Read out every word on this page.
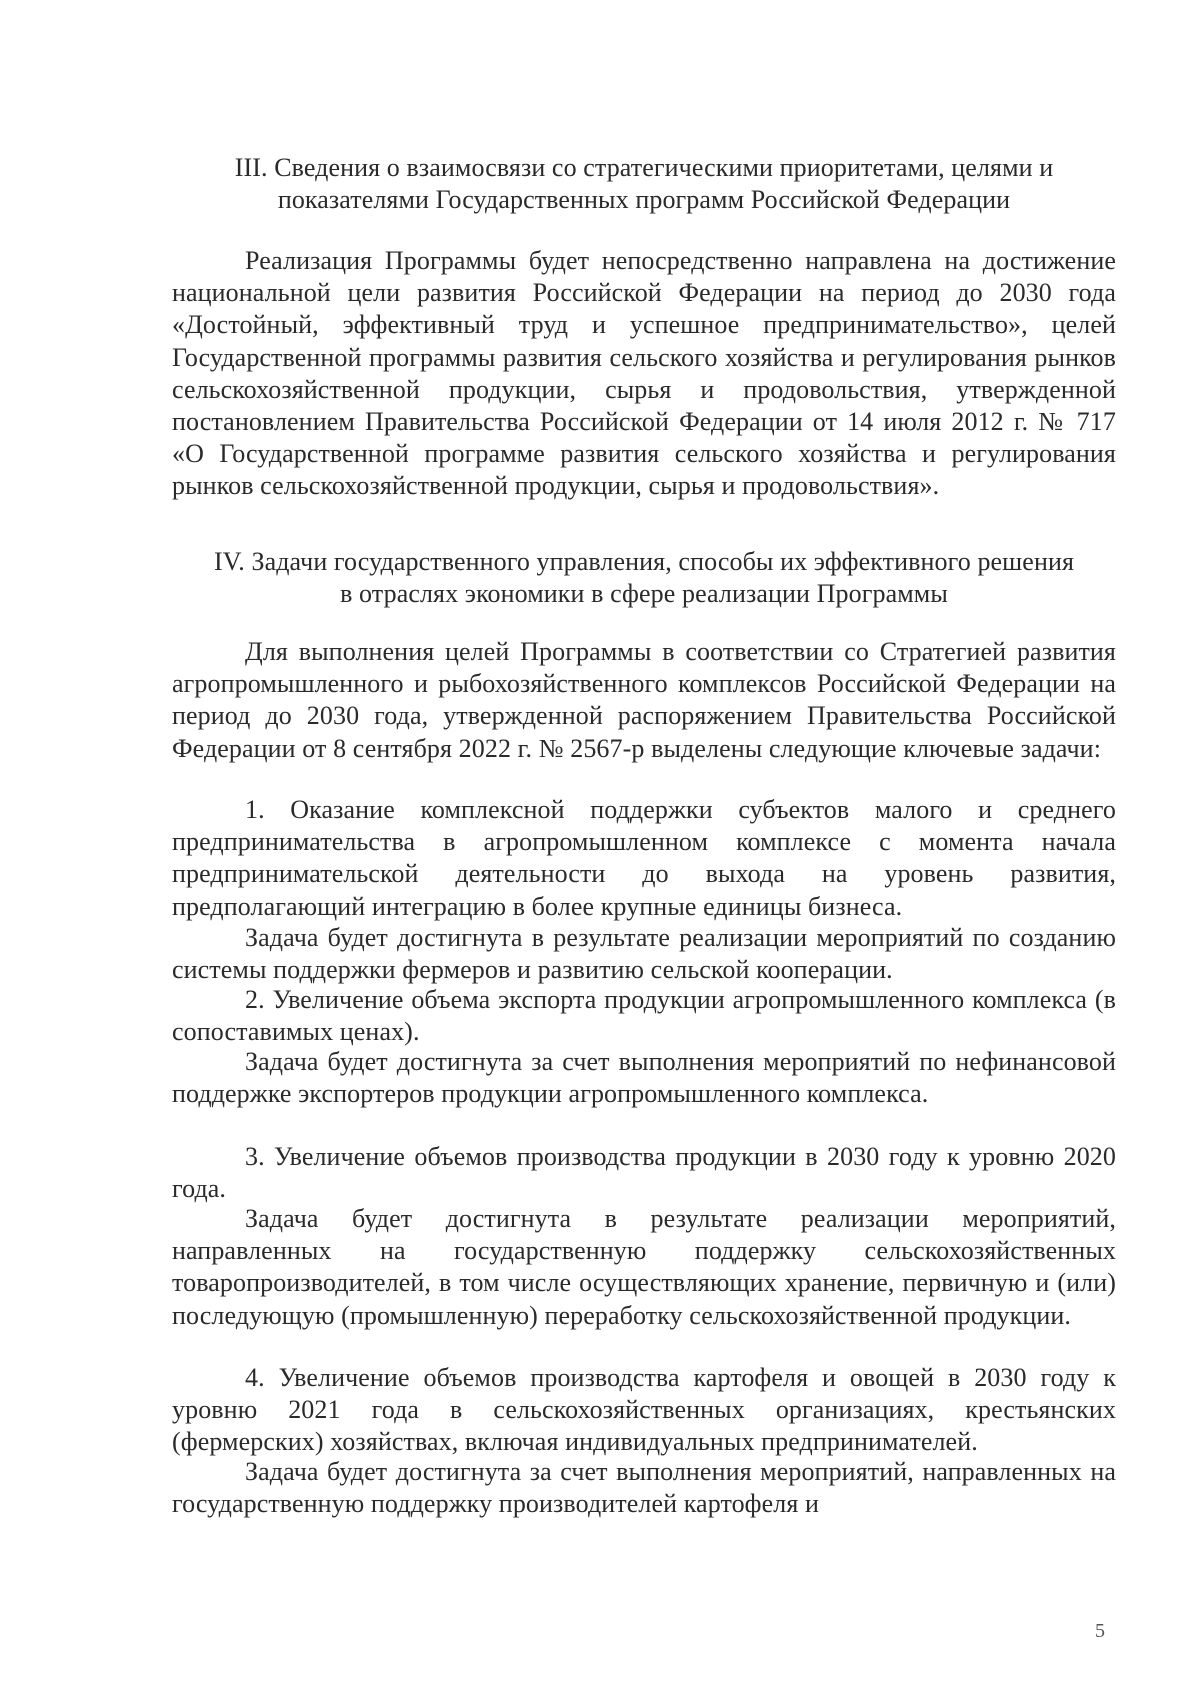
III. Сведения о взаимосвязи со стратегическими приоритетами, целями и
показателями Государственных программ Российской Федерации

Реализация Программы будет непосредственно направлена на достижение национальной цели развития Российской Федерации на период до 2030 года «Достойный, эффективный труд и успешное предпринимательство», целей Государственной программы развития сельского хозяйства и регулирования рынков сельскохозяйственной продукции, сырья и продовольствия, утвержденной постановлением Правительства Российской Федерации от 14 июля 2012 г. № 717 «О Государственной программе развития сельского хозяйства и регулирования рынков сельскохозяйственной продукции, сырья и продовольствия».

IV. Задачи государственного управления, способы их эффективного решения
в отраслях экономики в сфере реализации Программы

Для выполнения целей Программы в соответствии со Стратегией развития агропромышленного и рыбохозяйственного комплексов Российской Федерации на период до 2030 года, утвержденной распоряжением Правительства Российской Федерации от 8 сентября 2022 г. № 2567-р выделены следующие ключевые задачи:

1. Оказание комплексной поддержки субъектов малого и среднего предпринимательства в агропромышленном комплексе с момента начала предпринимательской деятельности до выхода на уровень развития, предполагающий интеграцию в более крупные единицы бизнеса.

Задача будет достигнута в результате реализации мероприятий по созданию системы поддержки фермеров и развитию сельской кооперации.

2. Увеличение объема экспорта продукции агропромышленного комплекса (в сопоставимых ценах).

Задача будет достигнута за счет выполнения мероприятий по нефинансовой поддержке экспортеров продукции агропромышленного комплекса.

3. Увеличение объемов производства продукции в 2030 году к уровню 2020 года.

Задача будет достигнута в результате реализации мероприятий, направленных на государственную поддержку сельскохозяйственных товаропроизводителей, в том числе осуществляющих хранение, первичную и (или) последующую (промышленную) переработку сельскохозяйственной продукции.

4. Увеличение объемов производства картофеля и овощей в 2030 году к уровню 2021 года в сельскохозяйственных организациях, крестьянских (фермерских) хозяйствах, включая индивидуальных предпринимателей.

Задача будет достигнута за счет выполнения мероприятий, направленных на государственную поддержку производителей картофеля и

5
